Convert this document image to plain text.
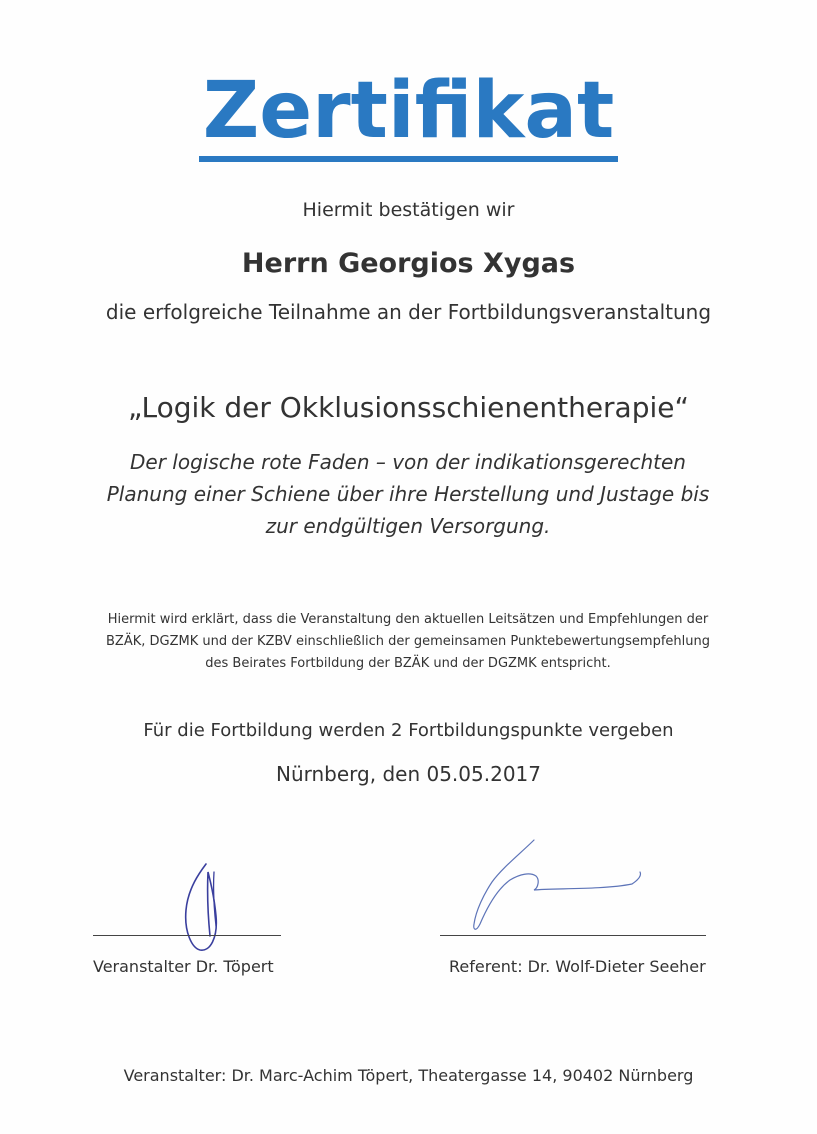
Zertifikat
Hiermit bestätigen wir
Herrn Georgios Xygas
die erfolgreiche Teilnahme an der Fortbildungsveranstaltung
„Logik der Okklusionsschienentherapie“
Der logische rote Faden – von der indikationsgerechten
Planung einer Schiene über ihre Herstellung und Justage bis
zur endgültigen Versorgung.
Hiermit wird erklärt, dass die Veranstaltung den aktuellen Leitsätzen und Empfehlungen der
BZÄK, DGZMK und der KZBV einschließlich der gemeinsamen Punktebewertungsempfehlung
des Beirates Fortbildung der BZÄK und der DGZMK entspricht.
Für die Fortbildung werden 2 Fortbildungspunkte vergeben
Nürnberg, den 05.05.2017
Veranstalter Dr. Töpert	Referent: Dr. Wolf-Dieter Seeher
Veranstalter: Dr. Marc-Achim Töpert, Theatergasse 14, 90402 Nürnberg
